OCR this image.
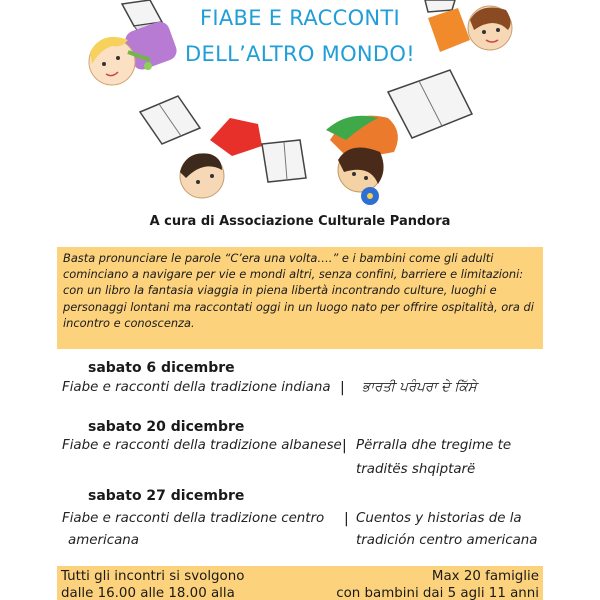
FIABE E RACCONTI
DELL’ALTRO MONDO!
A cura di Associazione Culturale Pandora
Basta pronunciare le parole “C’era una volta….” e i bambini come gli adulti cominciano a navigare per vie e mondi altri, senza confini, barriere e limitazioni: con un libro la fantasia viaggia in piena libertà incontrando culture, luoghi e personaggi lontani ma raccontati oggi in un luogo nato per offrire ospitalità, ora di incontro e conoscenza.
sabato 6 dicembre
Fiabe e racconti della tradizione indiana | ਭਾਰਤੀ ਪਰੰਪਰਾ ਦੇ ਕਿੱਸੇ
sabato 20 dicembre
Fiabe e racconti della tradizione albanese | Përralla dhe tregime te
traditës shqiptarë
sabato 27 dicembre
Fiabe e racconti della tradizione centro
americana
| Cuentos y historias de la
tradición centro americana
Tutti gli incontri si svolgono
dalle 16.00 alle 18.00 alla
Max 20 famiglie
con bambini dai 5 agli 11 anni
